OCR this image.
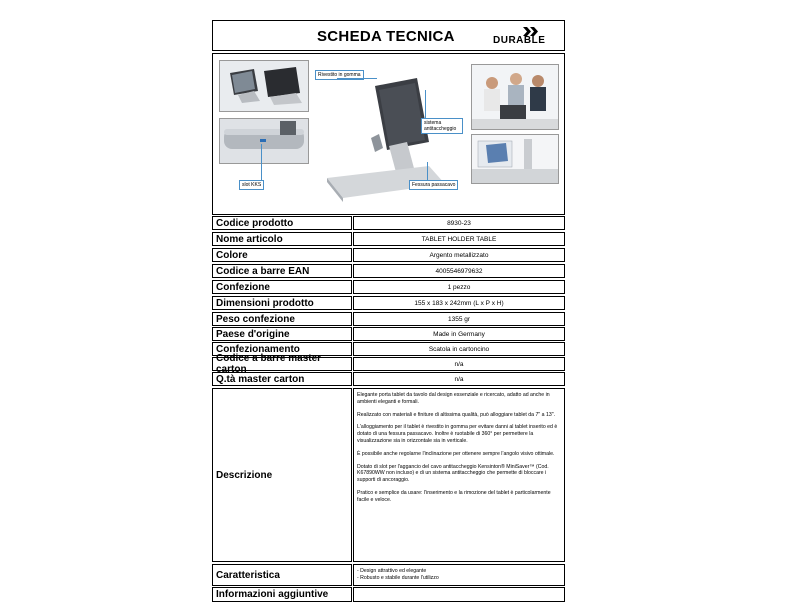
SCHEDA TECNICA	DURABLE
slot KKS
Rivestito in gomma
sistema antitaccheggio
Fessura passacavo
Codice prodotto	8930-23
Nome articolo	TABLET HOLDER TABLE
Colore	Argento metallizzato
Codice a barre EAN	4005546979632
Confezione	1 pezzo
Dimensioni prodotto	155 x 183 x 242mm (L x P x H)
Peso confezione	1355 gr
Paese d'origine	Made in Germany
Confezionamento	Scatola in cartoncino
Codice a barre master carton	n/a
Q.tà master carton	n/a
Descrizione

Elegante porta tablet da tavolo dal design essenziale e ricercato, adatto ad anche in ambienti eleganti e formali.

Realizzato con materiali e finiture di altissima qualità, può alloggiare tablet da 7" a 13".

L'alloggiamento per il tablet è rivestito in gomma per evitare danni al tablet inserito ed è dotato di una fessura passacavo. Inoltre è ruotabile di 360° per permettere la visualizzazione sia in orizzontale sia in verticale.

È possibile anche regolarne l'inclinazione per ottenere sempre l'angolo visivo ottimale.

Dotato di slot per l'aggancio del cavo antitaccheggio Kensinton® MiniSaver™ (Cod. K67890WW non incluso) e di un sistema antitaccheggio che permette di bloccare i supporti di ancoraggio.

Pratico e semplice da usare: l'inserimento e la rimozione del tablet è particolarmente facile e veloce.

Caratteristica	- Design attrattivo ed elegante
- Robusto e stabile durante l'utilizzo
Informazioni aggiuntive
